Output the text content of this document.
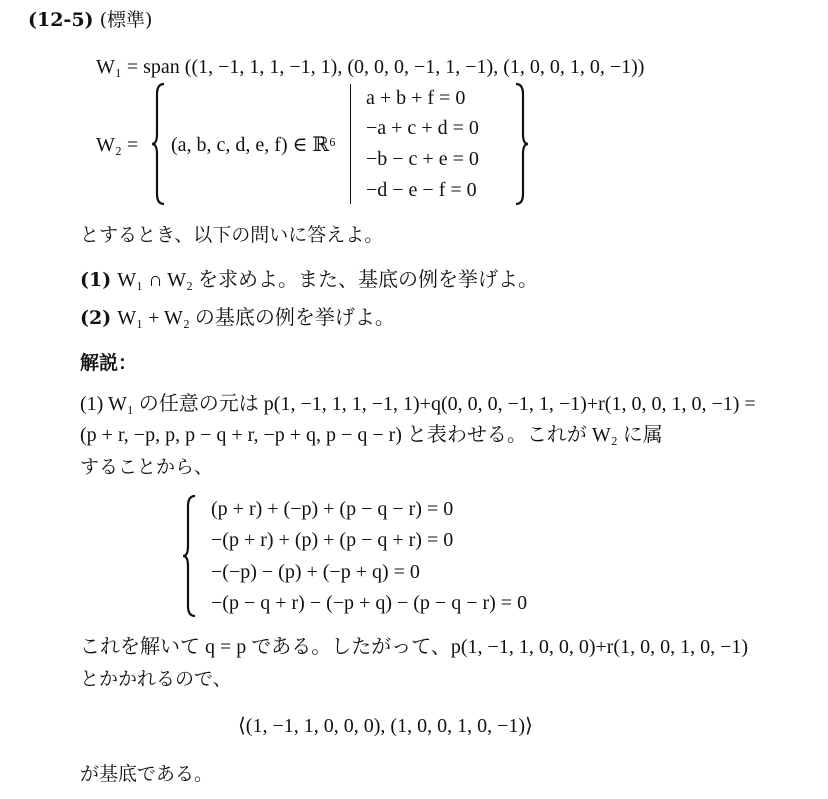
(12-5) (標準)
W₁ = span ((1, −1, 1, 1, −1, 1), (0, 0, 0, −1, 1, −1), (1, 0, 0, 1, 0, −1))
W₂ = (a, b, c, d, e, f) ∈ ℝ⁶
a + b + f = 0
−a + c + d = 0
−b − c + e = 0
−d − e − f = 0
とするとき、以下の問いに答えよ。
(1) W₁ ∩ W₂ を求めよ。また、基底の例を挙げよ。
(2) W₁ + W₂ の基底の例を挙げよ。
解説：
(1) W₁ の任意の元は p(1, −1, 1, 1, −1, 1)+q(0, 0, 0, −1, 1, −1)+r(1, 0, 0, 1, 0, −1) =
(p + r, −p, p, p − q + r, −p + q, p − q − r) と表わせる。これが W₂ に属
することから、
(p + r) + (−p) + (p − q − r) = 0
−(p + r) + (p) + (p − q + r) = 0
−(−p) − (p) + (−p + q) = 0
−(p − q + r) − (−p + q) − (p − q − r) = 0
これを解いて q = p である。したがって、p(1, −1, 1, 0, 0, 0)+r(1, 0, 0, 1, 0, −1)
とかかれるので、
⟨(1, −1, 1, 0, 0, 0), (1, 0, 0, 1, 0, −1)⟩
が基底である。
